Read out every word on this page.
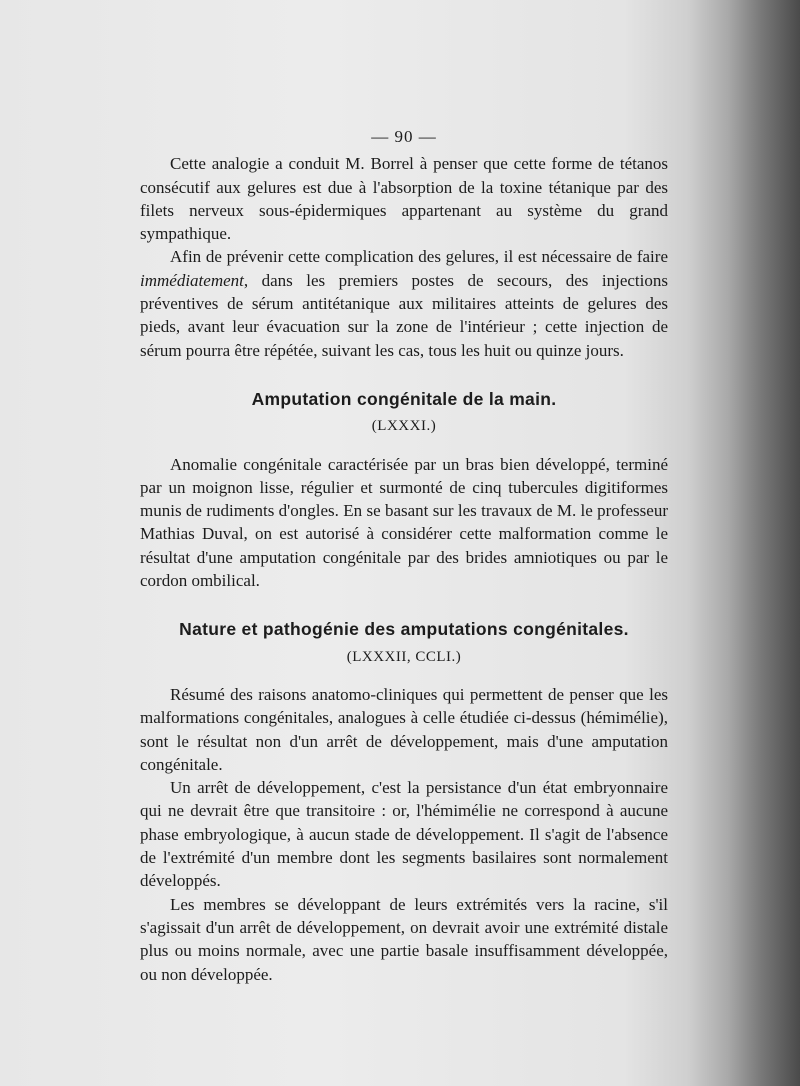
— 90 —

Cette analogie a conduit M. Borrel à penser que cette forme de tétanos consécutif aux gelures est due à l'absorption de la toxine tétanique par des filets nerveux sous-épidermiques appartenant au système du grand sympathique.

Afin de prévenir cette complication des gelures, il est nécessaire de faire immédiatement, dans les premiers postes de secours, des injections préventives de sérum antitétanique aux militaires atteints de gelures des pieds, avant leur évacuation sur la zone de l'intérieur ; cette injection de sérum pourra être répétée, suivant les cas, tous les huit ou quinze jours.

Amputation congénitale de la main.
(LXXXI.)

Anomalie congénitale caractérisée par un bras bien développé, terminé par un moignon lisse, régulier et surmonté de cinq tubercules digitiformes munis de rudiments d'ongles. En se basant sur les travaux de M. le professeur Mathias Duval, on est autorisé à considérer cette malformation comme le résultat d'une amputation congénitale par des brides amniotiques ou par le cordon ombilical.

Nature et pathogénie des amputations congénitales.
(LXXXII, CCLI.)

Résumé des raisons anatomo-cliniques qui permettent de penser que les malformations congénitales, analogues à celle étudiée ci-dessus (hémimélie), sont le résultat non d'un arrêt de développement, mais d'une amputation congénitale.

Un arrêt de développement, c'est la persistance d'un état embryonnaire qui ne devrait être que transitoire : or, l'hémimélie ne correspond à aucune phase embryologique, à aucun stade de développement. Il s'agit de l'absence de l'extrémité d'un membre dont les segments basilaires sont normalement développés.

Les membres se développant de leurs extrémités vers la racine, s'il s'agissait d'un arrêt de développement, on devrait avoir une extrémité distale plus ou moins normale, avec une partie basale insuffisamment développée, ou non développée.
